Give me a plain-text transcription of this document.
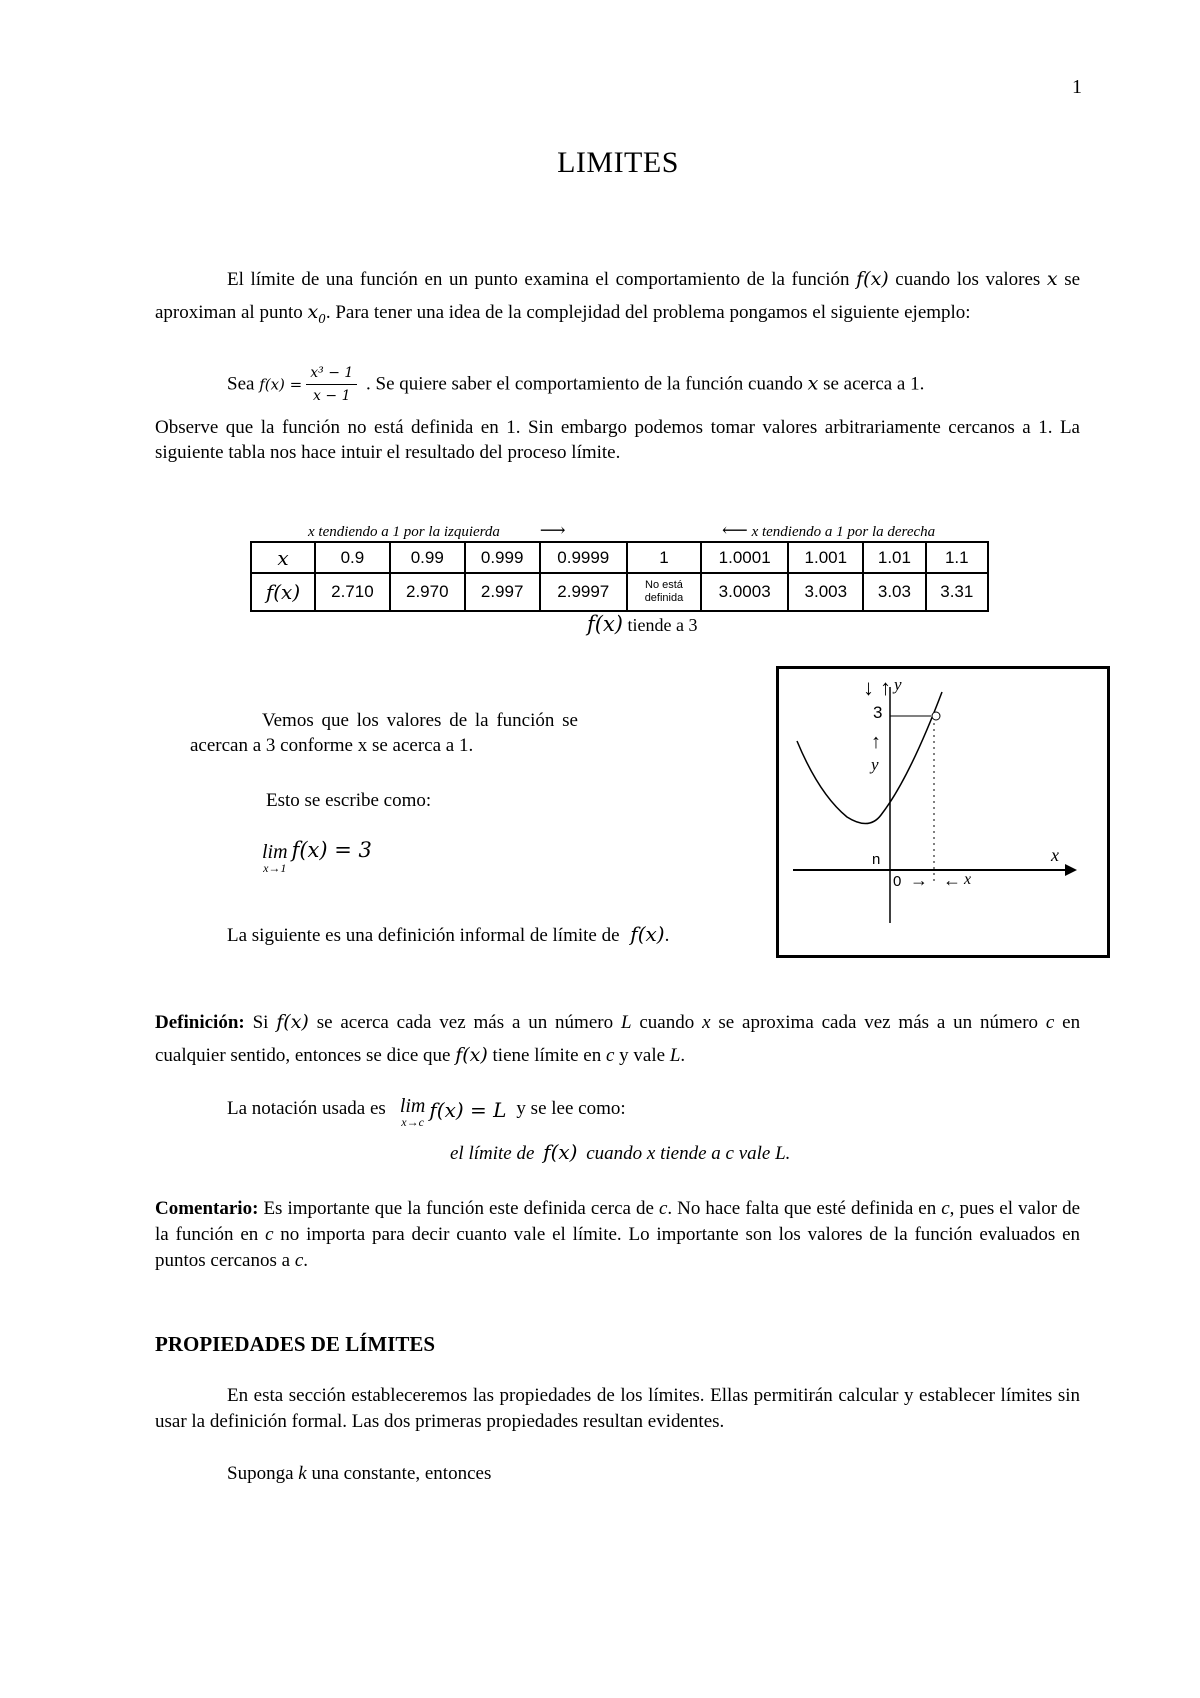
1
LIMITES
El límite de una función en un punto examina el comportamiento de la función f(x) cuando los valores x se aproximan al punto $x_0$. Para tener una idea de la complejidad del problema pongamos el siguiente ejemplo:
Sea $f(x) = \frac{\text{x³ − 1}}{x - 1}$ . Se quiere saber el comportamiento de la función cuando x se acerca a 1.
Observe que la función no está definida en 1. Sin embargo podemos tomar valores arbitrariamente cercanos a 1. La siguiente tabla nos hace intuir el resultado del proceso límite.
x tendiendo a 1 por la izquierda ⟶	⟵ x tendiendo a 1 por la derecha
x	0.9	0.99	0.999	0.9999	1	1.0001	1.001	1.01	1.1
f(x)	2.710	2.970	2.997	2.9997	No está definida	3.0003	3.003	3.03	3.31
f(x) tiende a 3
↓ ↑ y
3
↑
y
n	x
0 → ← x
Vemos que los valores de la función se
acercan a 3 conforme x se acerca a 1.
Esto se escribe como:
lim
x→1
f(x) = 3
La siguiente es una definición informal de límite de f(x).
Definición: Si f(x) se acerca cada vez más a un número L cuando x se aproxima cada vez más a un número c en cualquier sentido, entonces se dice que f(x) tiene límite en c y vale L.
La notación usada es lim
x→c f(x) = L y se lee como:
el límite de f(x) cuando x tiende a c vale L.
Comentario: Es importante que la función este definida cerca de c. No hace falta que esté definida en c, pues el valor de la función en c no importa para decir cuanto vale el límite. Lo importante son los valores de la función evaluados en puntos cercanos a c.
PROPIEDADES DE LÍMITES
En esta sección estableceremos las propiedades de los límites. Ellas permitirán calcular y establecer límites sin usar la definición formal. Las dos primeras propiedades resultan evidentes.
Suponga k una constante, entonces
